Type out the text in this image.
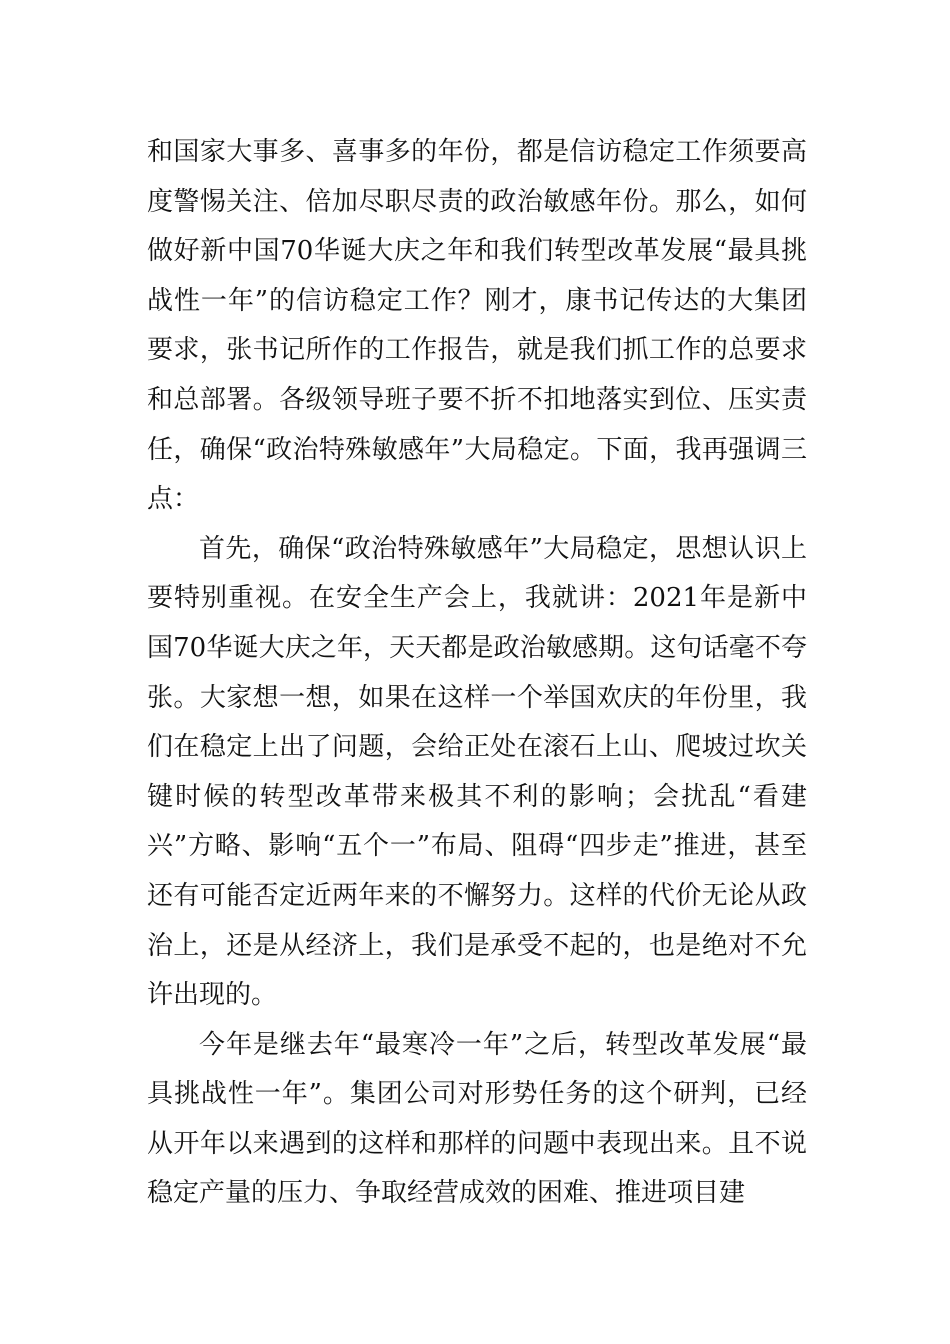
和国家大事多、喜事多的年份，都是信访稳定工作须要高度警惕关注、倍加尽职尽责的政治敏感年份。那么，如何做好新中国70华诞大庆之年和我们转型改革发展“最具挑战性一年”的信访稳定工作？刚才，康书记传达的大集团要求，张书记所作的工作报告，就是我们抓工作的总要求和总部署。各级领导班子要不折不扣地落实到位、压实责任，确保“政治特殊敏感年”大局稳定。下面，我再强调三点：

首先，确保“政治特殊敏感年”大局稳定，思想认识上要特别重视。在安全生产会上，我就讲：2021年是新中国70华诞大庆之年，天天都是政治敏感期。这句话毫不夸张。大家想一想，如果在这样一个举国欢庆的年份里，我们在稳定上出了问题，会给正处在滚石上山、爬坡过坎关键时候的转型改革带来极其不利的影响；会扰乱“看建兴”方略、影响“五个一”布局、阻碍“四步走”推进，甚至还有可能否定近两年来的不懈努力。这样的代价无论从政治上，还是从经济上，我们是承受不起的，也是绝对不允许出现的。

今年是继去年“最寒冷一年”之后，转型改革发展“最具挑战性一年”。集团公司对形势任务的这个研判，已经从开年以来遇到的这样和那样的问题中表现出来。且不说稳定产量的压力、争取经营成效的困难、推进项目建
